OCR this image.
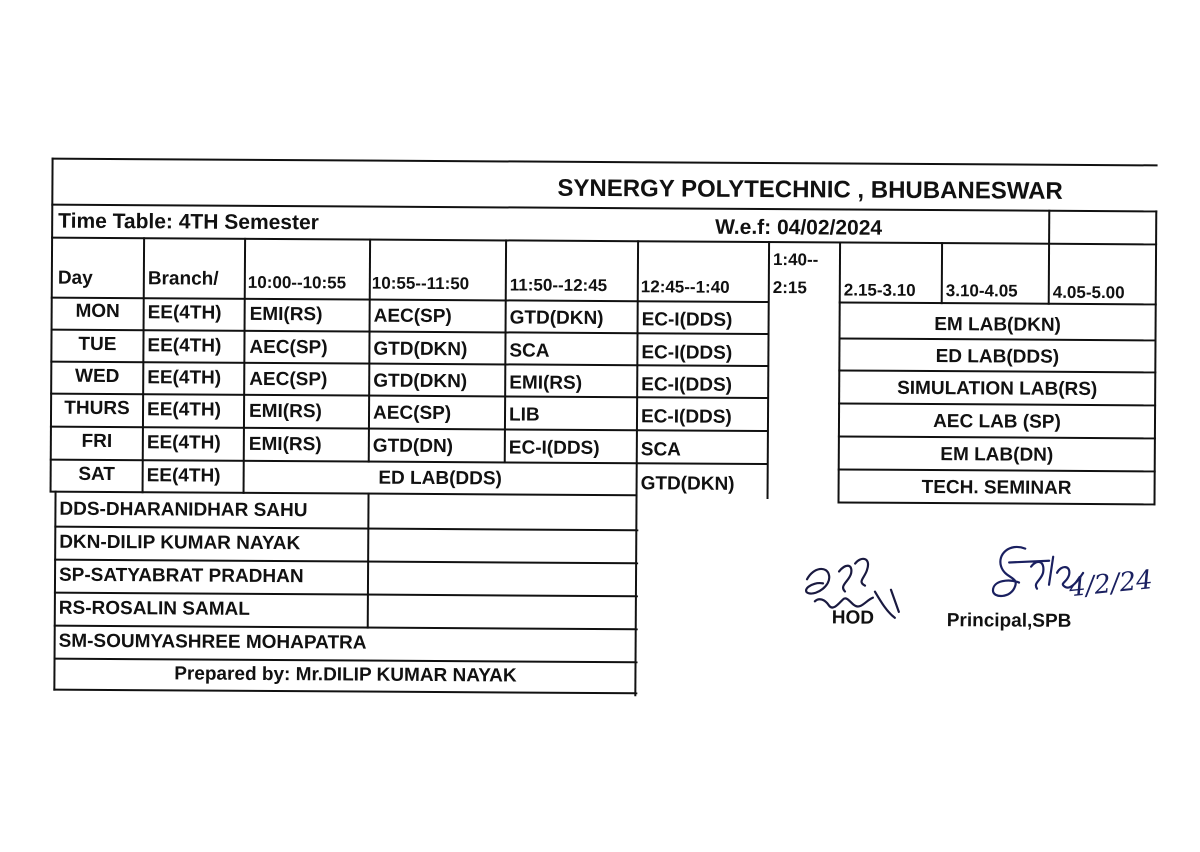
SYNERGY POLYTECHNIC , BHUBANESWAR
Time Table: 4TH Semester	W.e.f: 04/02/2024
Day	Branch/ 10:00--10:55 10:55--11:50 11:50--12:45 12:45--1:40
1:40--
2:15 2.15-3.10 3.10-4.05 4.05-5.00
MON	EE(4TH) EMI(RS)	AEC(SP)	GTD(DKN) EC-I(DDS)	EM LAB(DKN)
TUE	EE(4TH) AEC(SP) GTD(DKN) SCA	EC-I(DDS)	ED LAB(DDS)
WED	EE(4TH) AEC(SP) GTD(DKN) EMI(RS)	EC-I(DDS)	SIMULATION LAB(RS)
THURS EE(4TH) EMI(RS)	AEC(SP)	LIB	EC-I(DDS)	AEC LAB (SP)
FRI	EE(4TH) EMI(RS)	GTD(DN)	EC-I(DDS) SCA	EM LAB(DN)
SAT	EE(4TH)	ED LAB(DDS)	GTD(DKN)	TECH. SEMINAR
DDS-DHARANIDHAR SAHU
DKN-DILIP KUMAR NAYAK
SP-SATYABRAT PRADHAN
RS-ROSALIN SAMAL
SM-SOUMYASHREE MOHAPATRA
Prepared by: Mr.DILIP KUMAR NAYAK
HOD	Principal,SPB
4/2/24
